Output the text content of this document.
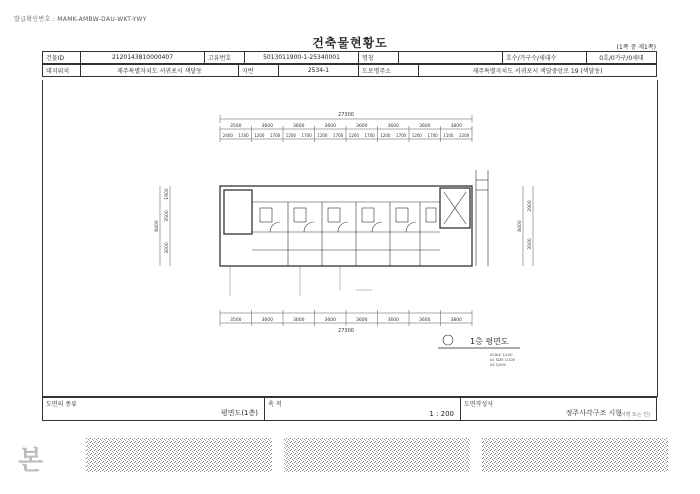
발급확인번호 : MAMK-AMBW-DAU-WKT-YWY
건축물현황도	(1쪽 중 제1쪽)
건물ID	2120143810000407	고유번호	5013011900-1-25340001	명칭		호수/가구수/세대수	0호/0가구/0세대
대지위치	제주특별자치도 서귀포시 색달동	지번	2534-1	도로명주소	제주특별자치도 서귀포시 색달중앙로 19 (색달동)
27300
27300
3500	3600	3600	3600	3600	3600	3600	3800
2400 1100 1200 1700 1200 1700 1200 1700 1200 1700 1200 1700 1200 1700 1100 2200
3500	3600	3600	3600	3600	3600	3600	3800
8400
1900
3500
3000
2900
3500
8400
1층 평면도
SCALE 1/100
A1 SIZE 1/100
A3 1/200
도면의 종류
평면도(1층)
	축 적
1 : 200
	도면작성자
정주사각구조 시현
(서명 또는 인)
본
